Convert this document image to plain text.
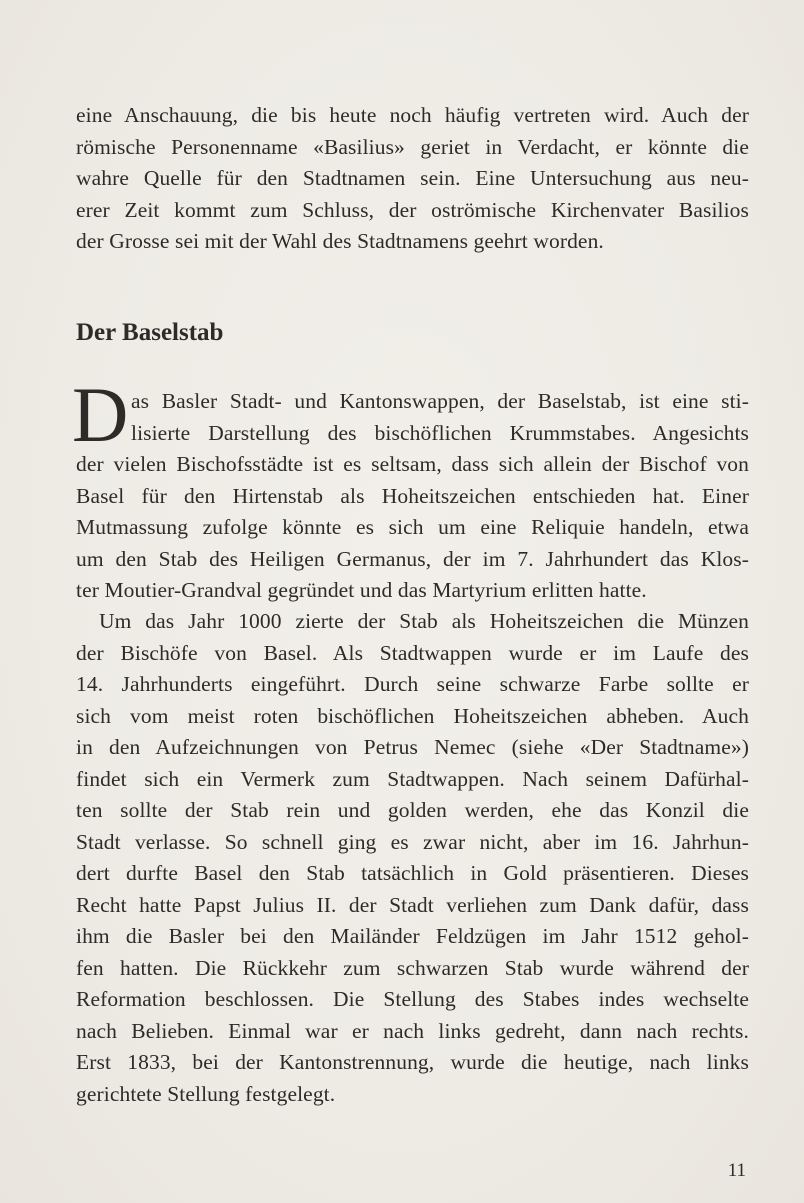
eine Anschauung, die bis heute noch häufig vertreten wird. Auch der
römische Personenname «Basilius» geriet in Verdacht, er könnte die
wahre Quelle für den Stadtnamen sein. Eine Untersuchung aus neu-
erer Zeit kommt zum Schluss, der oströmische Kirchenvater Basilios
der Grosse sei mit der Wahl des Stadtnamens geehrt worden.
Der Baselstab
D as Basler Stadt- und Kantonswappen, der Baselstab, ist eine sti-
lisierte Darstellung des bischöflichen Krummstabes. Angesichts
der vielen Bischofsstädte ist es seltsam, dass sich allein der Bischof von
Basel für den Hirtenstab als Hoheitszeichen entschieden hat. Einer
Mutmassung zufolge könnte es sich um eine Reliquie handeln, etwa
um den Stab des Heiligen Germanus, der im 7. Jahrhundert das Klos-
ter Moutier-Grandval gegründet und das Martyrium erlitten hatte.
Um das Jahr 1000 zierte der Stab als Hoheitszeichen die Münzen
der Bischöfe von Basel. Als Stadtwappen wurde er im Laufe des
14. Jahrhunderts eingeführt. Durch seine schwarze Farbe sollte er
sich vom meist roten bischöflichen Hoheitszeichen abheben. Auch
in den Aufzeichnungen von Petrus Nemec (siehe «Der Stadtname»)
findet sich ein Vermerk zum Stadtwappen. Nach seinem Dafürhal-
ten sollte der Stab rein und golden werden, ehe das Konzil die
Stadt verlasse. So schnell ging es zwar nicht, aber im 16. Jahrhun-
dert durfte Basel den Stab tatsächlich in Gold präsentieren. Dieses
Recht hatte Papst Julius II. der Stadt verliehen zum Dank dafür, dass
ihm die Basler bei den Mailänder Feldzügen im Jahr 1512 gehol-
fen hatten. Die Rückkehr zum schwarzen Stab wurde während der
Reformation beschlossen. Die Stellung des Stabes indes wechselte
nach Belieben. Einmal war er nach links gedreht, dann nach rechts.
Erst 1833, bei der Kantonstrennung, wurde die heutige, nach links
gerichtete Stellung festgelegt.
11
